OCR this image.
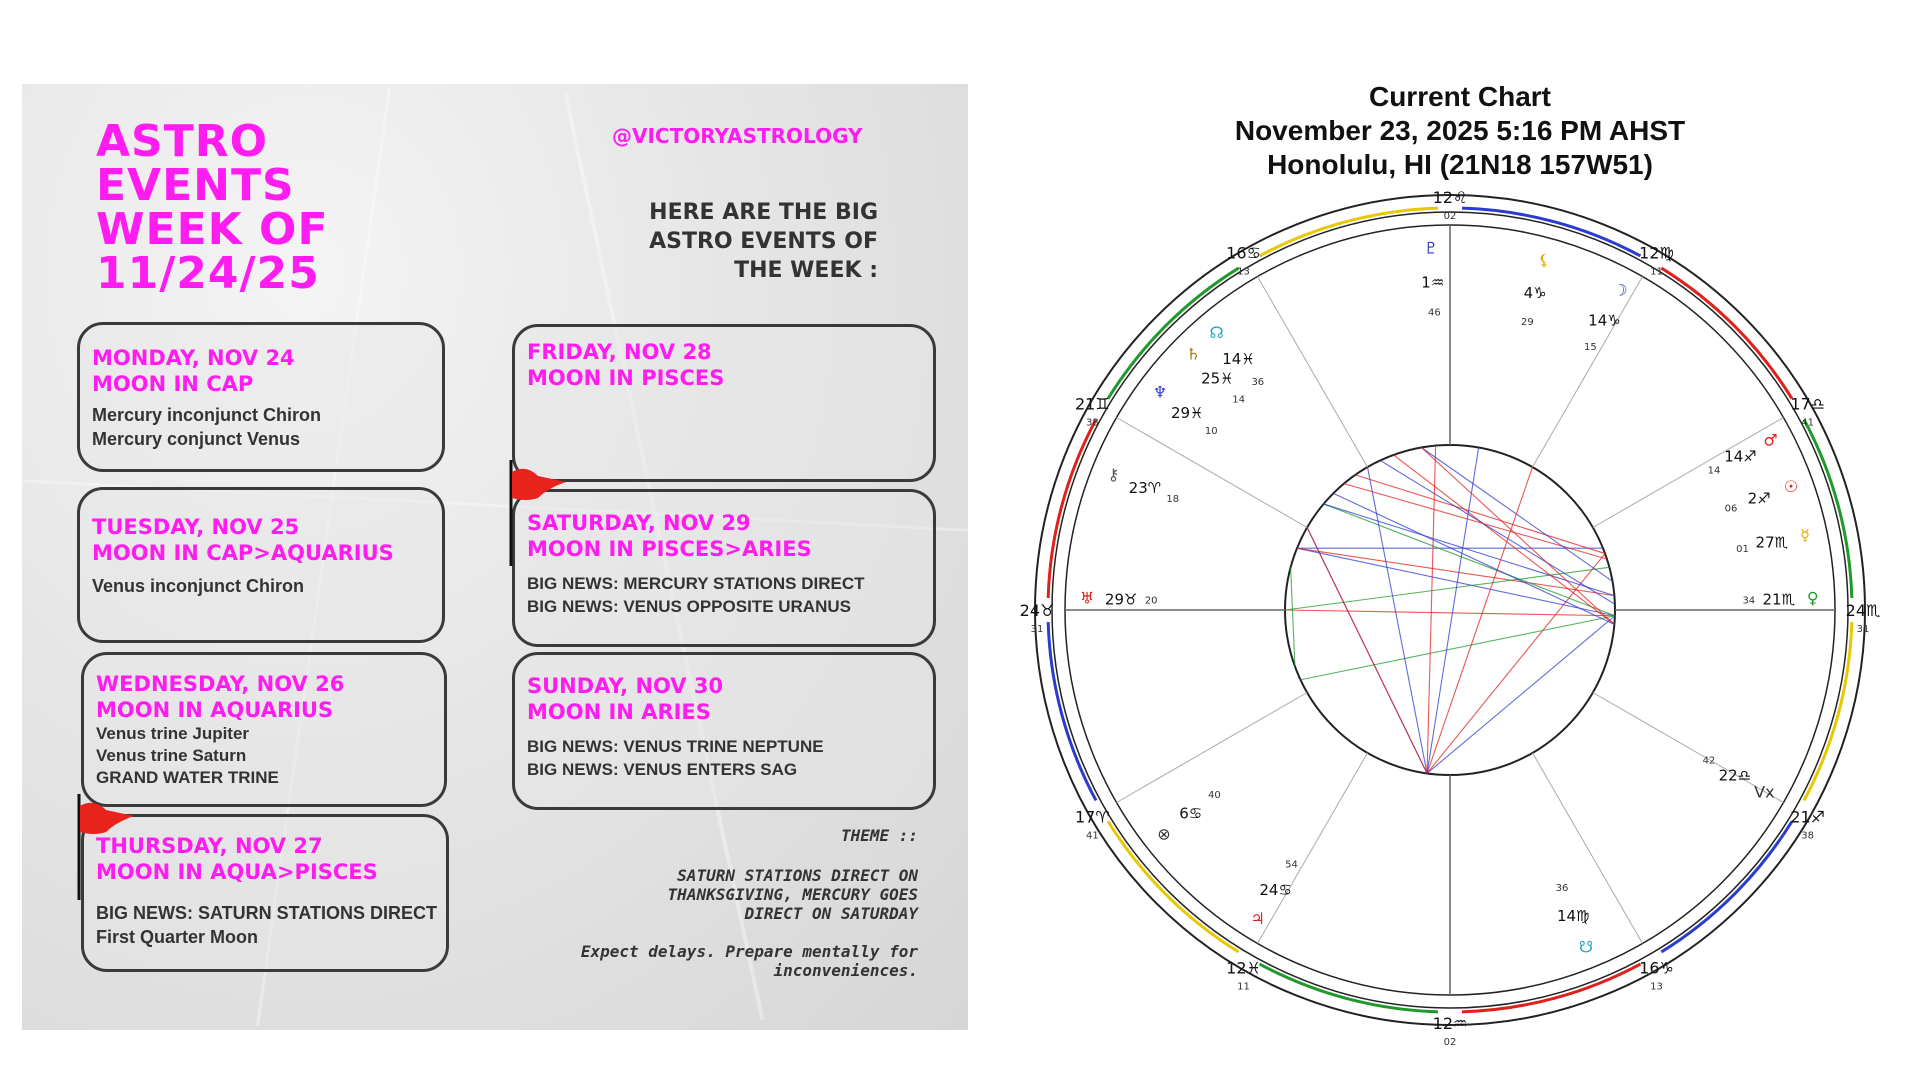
ASTRO
EVENTS
WEEK OF
11/24/25
@VICTORYASTROLOGY
HERE ARE THE BIG
ASTRO EVENTS OF
THE WEEK :

MONDAY, NOV 24

MOON IN CAP

Mercury inconjunct Chiron

Mercury conjunct Venus

TUESDAY, NOV 25

MOON IN CAP>AQUARIUS

Venus inconjunct Chiron

WEDNESDAY, NOV 26

MOON IN AQUARIUS

Venus trine Jupiter

Venus trine Saturn

GRAND WATER TRINE

THURSDAY, NOV 27

MOON IN AQUA>PISCES

BIG NEWS: SATURN STATIONS DIRECT

First Quarter Moon

FRIDAY, NOV 28

MOON IN PISCES

SATURDAY, NOV 29

MOON IN PISCES>ARIES

BIG NEWS: MERCURY STATIONS DIRECT

BIG NEWS: VENUS OPPOSITE URANUS

SUNDAY, NOV 30

MOON IN ARIES

BIG NEWS: VENUS TRINE NEPTUNE

BIG NEWS: VENUS ENTERS SAG

THEME ::
SATURN STATIONS DIRECT ON
THANKSGIVING, MERCURY GOES
DIRECT ON SATURDAY
Expect delays. Prepare mentally for
inconveniences.
Current Chart
November 23, 2025 5:16 PM AHST
Honolulu, HI (21N18 157W51)
24♉
31
21♊
38
16♋
13
12♌
02
12♍
11
17♎
41
24♏
31
21♐
38
16♑
13
12♒
02
12♓
11
17♈
41
☉
2♐
06
☽
14♑
15
☿
27♏
01
♀
21♏
34
♂
14♐
14
♃
24♋
54
♄
25♓
14
♅ 29♉ 20
♆
29♓
10
♇
1♒
46
⚷
23♈
18
☊
14♓
36
☋
14♍
36
⊗
6♋
40
⚸
4♑
29
Vx
22♎
42
